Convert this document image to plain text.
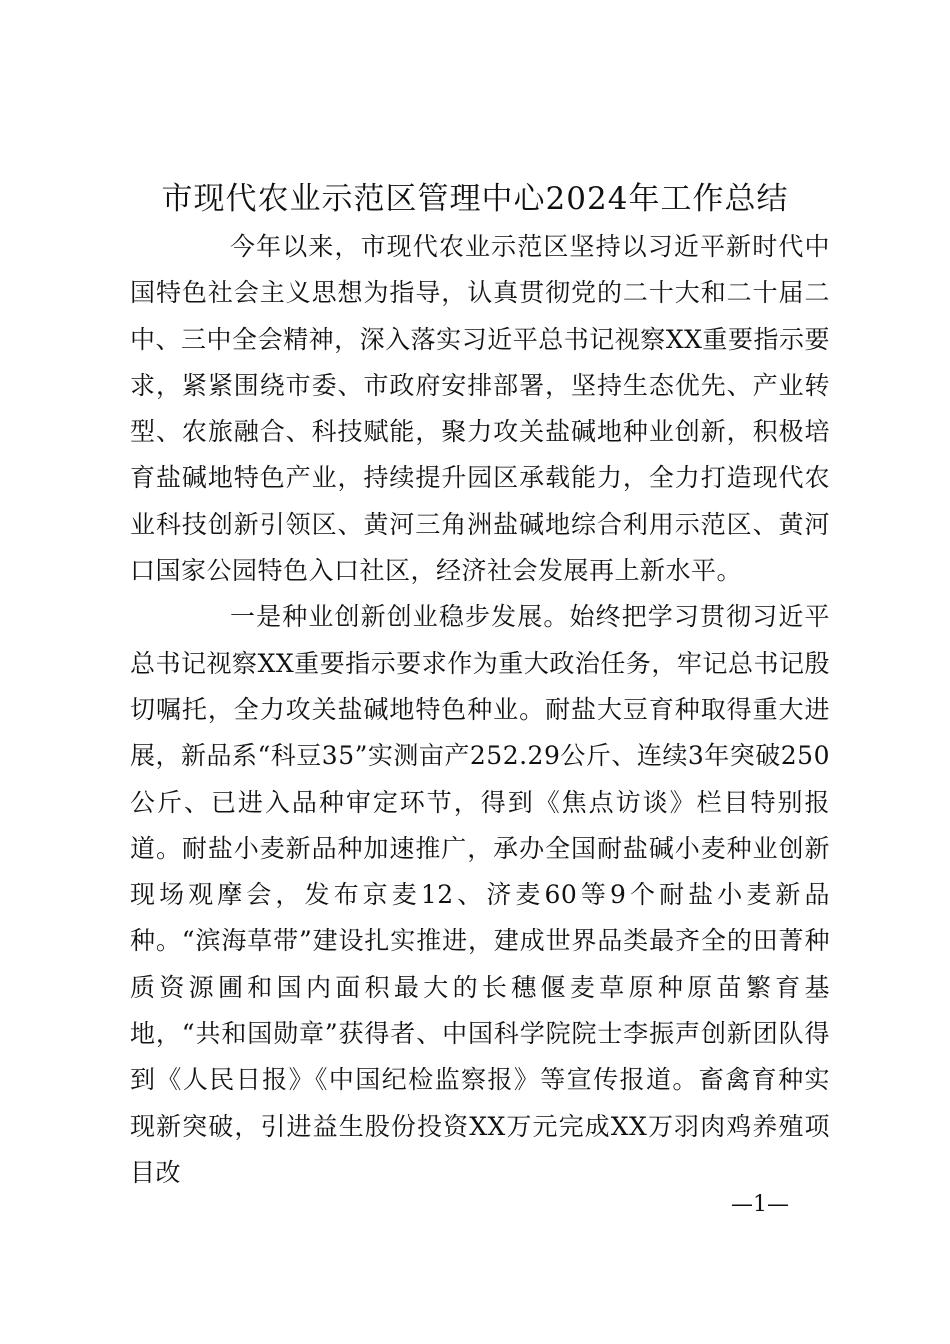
市现代农业示范区管理中心2024年工作总结

今年以来，市现代农业示范区坚持以习近平新时代中国特色社会主义思想为指导，认真贯彻党的二十大和二十届二中、三中全会精神，深入落实习近平总书记视察XX重要指示要求，紧紧围绕市委、市政府安排部署，坚持生态优先、产业转型、农旅融合、科技赋能，聚力攻关盐碱地种业创新，积极培育盐碱地特色产业，持续提升园区承载能力，全力打造现代农业科技创新引领区、黄河三角洲盐碱地综合利用示范区、黄河口国家公园特色入口社区，经济社会发展再上新水平。

一是种业创新创业稳步发展。始终把学习贯彻习近平总书记视察XX重要指示要求作为重大政治任务，牢记总书记殷切嘱托，全力攻关盐碱地特色种业。耐盐大豆育种取得重大进展，新品系“科豆35”实测亩产252.29公斤、连续3年突破250公斤、已进入品种审定环节，得到《焦点访谈》栏目特别报道。耐盐小麦新品种加速推广，承办全国耐盐碱小麦种业创新现场观摩会，发布京麦12、济麦60等9个耐盐小麦新品种。“滨海草带”建设扎实推进，建成世界品类最齐全的田菁种质资源圃和国内面积最大的长穗偃麦草原种原苗繁育基地，“共和国勋章”获得者、中国科学院院士李振声创新团队得到《人民日报》《中国纪检监察报》等宣传报道。畜禽育种实现新突破，引进益生股份投资XX万元完成XX万羽肉鸡养殖项目改

—1—
